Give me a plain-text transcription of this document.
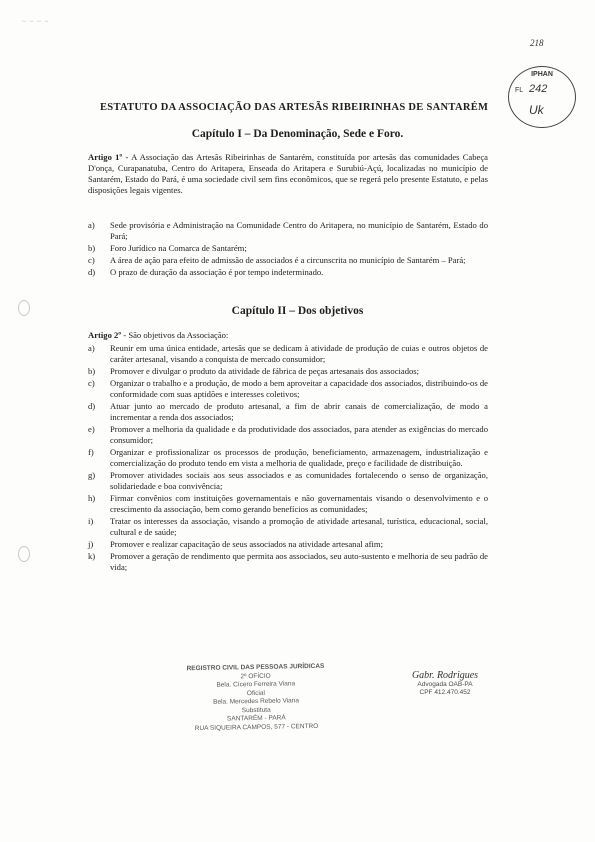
~ ~ ~ ~
218
IPHAN
FL 242
Uk
ESTATUTO DA ASSOCIAÇÃO DAS ARTESÃS RIBEIRINHAS DE SANTARÉM
Capítulo I – Da Denominação, Sede e Foro.
Artigo 1º - A Associação das Artesãs Ribeirinhas de Santarém, constituída por artesãs das comunidades Cabeça D'onça, Curapanatuba, Centro do Aritapera, Enseada do Aritapera e Surubiú-Açú, localizadas no município de Santarém, Estado do Pará, é uma sociedade civil sem fins econômicos, que se regerá pelo presente Estatuto, e pelas disposições legais vigentes.
a) Sede provisória e Administração na Comunidade Centro do Aritapera, no município de Santarém, Estado do Pará;
b) Foro Jurídico na Comarca de Santarém;
c) A área de ação para efeito de admissão de associados é a circunscrita no município de Santarém – Pará;
d) O prazo de duração da associação é por tempo indeterminado.
Capítulo II – Dos objetivos
Artigo 2º - São objetivos da Associação:
a) Reunir em uma única entidade, artesãs que se dedicam à atividade de produção de cuias e outros objetos de caráter artesanal, visando a conquista de mercado consumidor;
b) Promover e divulgar o produto da atividade de fábrica de peças artesanais dos associados;
c) Organizar o trabalho e a produção, de modo a bem aproveitar a capacidade dos associados, distribuindo-os de conformidade com suas aptidões e interesses coletivos;
d) Atuar junto ao mercado de produto artesanal, a fim de abrir canais de comercialização, de modo a incrementar a renda dos associados;
e) Promover a melhoria da qualidade e da produtividade dos associados, para atender as exigências do mercado consumidor;
f) Organizar e profissionalizar os processos de produção, beneficiamento, armazenagem, industrialização e comercialização do produto tendo em vista a melhoria de qualidade, preço e facilidade de distribuição.
g) Promover atividades sociais aos seus associados e as comunidades fortalecendo o senso de organização, solidariedade e boa convivência;
h) Firmar convênios com instituições governamentais e não governamentais visando o desenvolvimento e o crescimento da associação, bem como gerando benefícios as comunidades;
i) Tratar os interesses da associação, visando a promoção de atividade artesanal, turística, educacional, social, cultural e de saúde;
j) Promover e realizar capacitação de seus associados na atividade artesanal afim;
k) Promover a geração de rendimento que permita aos associados, seu auto-sustento e melhoria de seu padrão de vida;
REGISTRO CIVIL DAS PESSOAS JURÍDICAS
2º OFÍCIO
Bela. Cícero Ferreira Viana
Oficial
Bela. Mercedes Rebelo Viana
Substituta
SANTARÉM - PARÁ
RUA SIQUEIRA CAMPOS, 577 - CENTRO
Gabr. Rodrigues
Advogada OAB-PA
CPF 412.470.452
